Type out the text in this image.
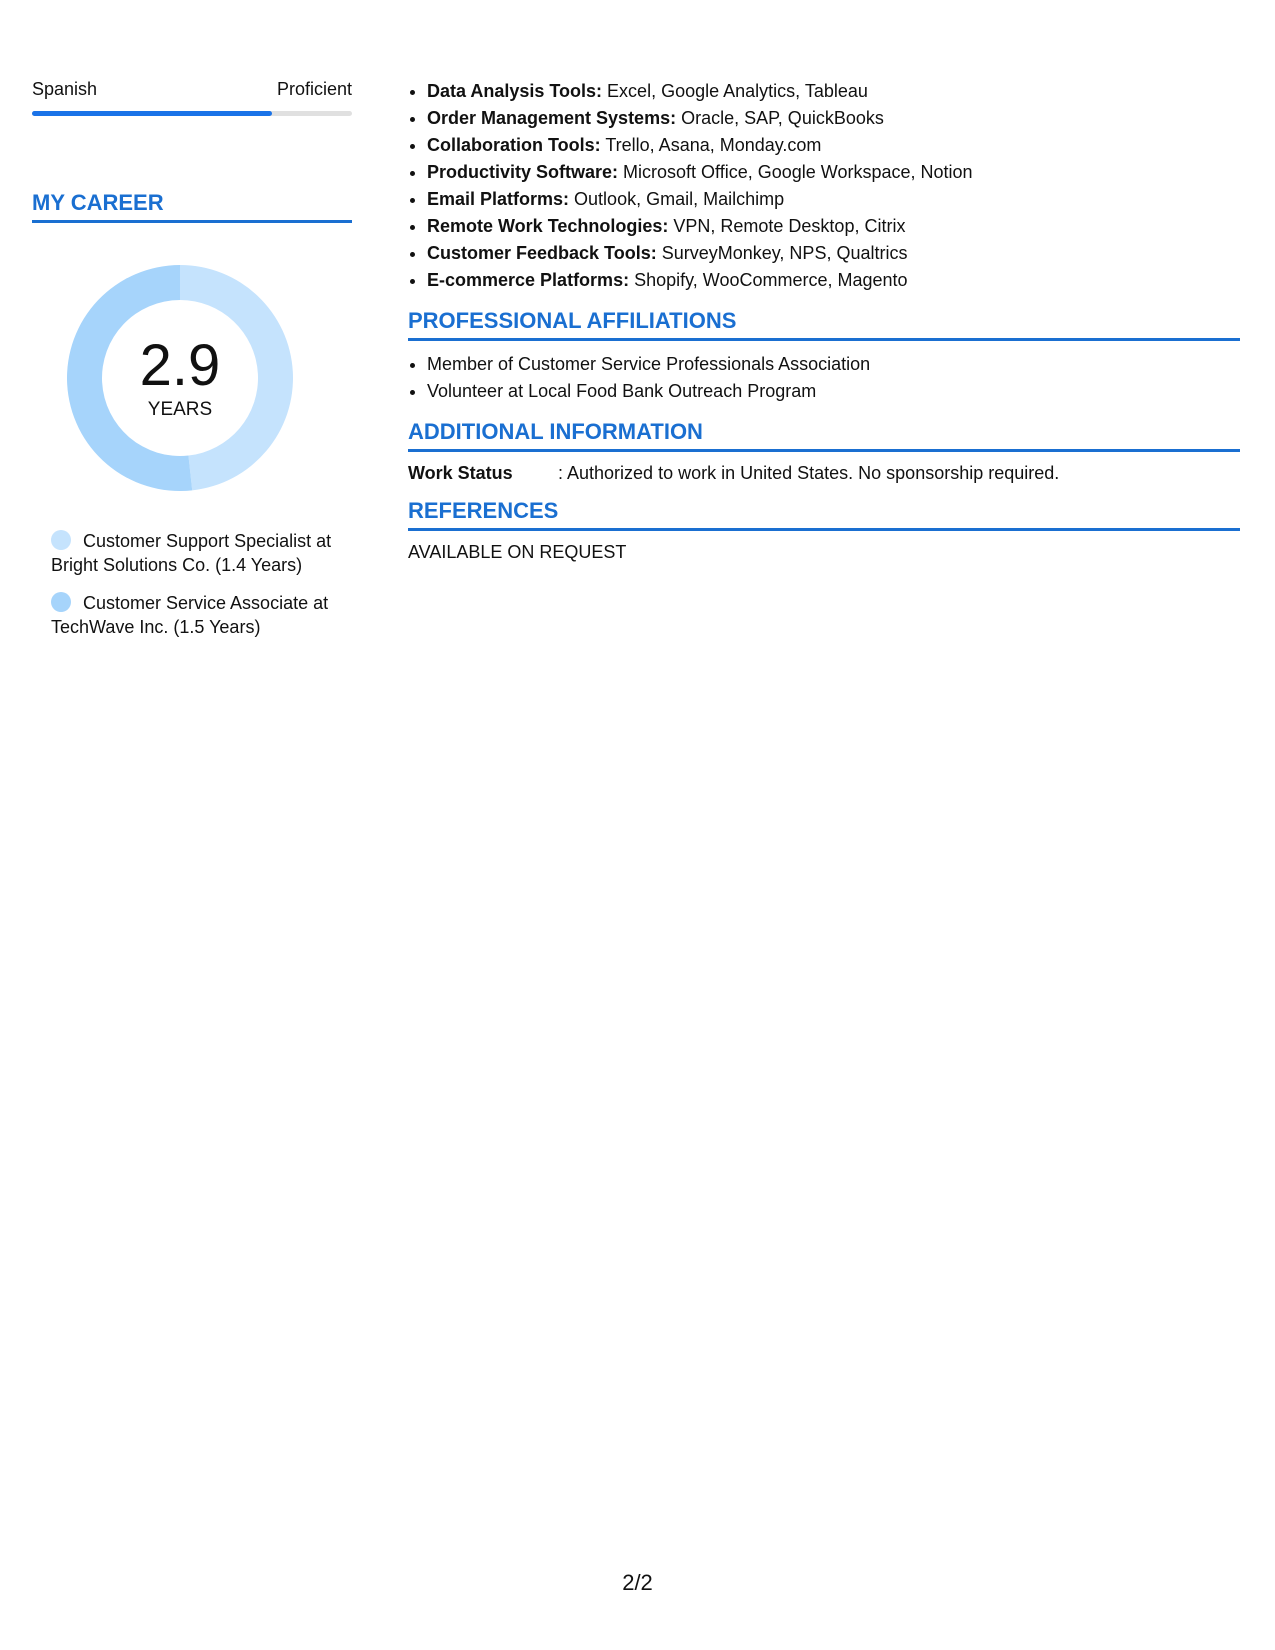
Spanish	Proficient
MY CAREER
2.9
YEARS
Customer Support Specialist at Bright Solutions Co. (1.4 Years)
Customer Service Associate at TechWave Inc. (1.5 Years)
• Data Analysis Tools: Excel, Google Analytics, Tableau
• Order Management Systems: Oracle, SAP, QuickBooks
• Collaboration Tools: Trello, Asana, Monday.com
• Productivity Software: Microsoft Office, Google Workspace, Notion
• Email Platforms: Outlook, Gmail, Mailchimp
• Remote Work Technologies: VPN, Remote Desktop, Citrix
• Customer Feedback Tools: SurveyMonkey, NPS, Qualtrics
• E-commerce Platforms: Shopify, WooCommerce, Magento
PROFESSIONAL AFFILIATIONS
• Member of Customer Service Professionals Association
• Volunteer at Local Food Bank Outreach Program
ADDITIONAL INFORMATION
Work Status	: Authorized to work in United States. No sponsorship required.
REFERENCES
AVAILABLE ON REQUEST
2/2
